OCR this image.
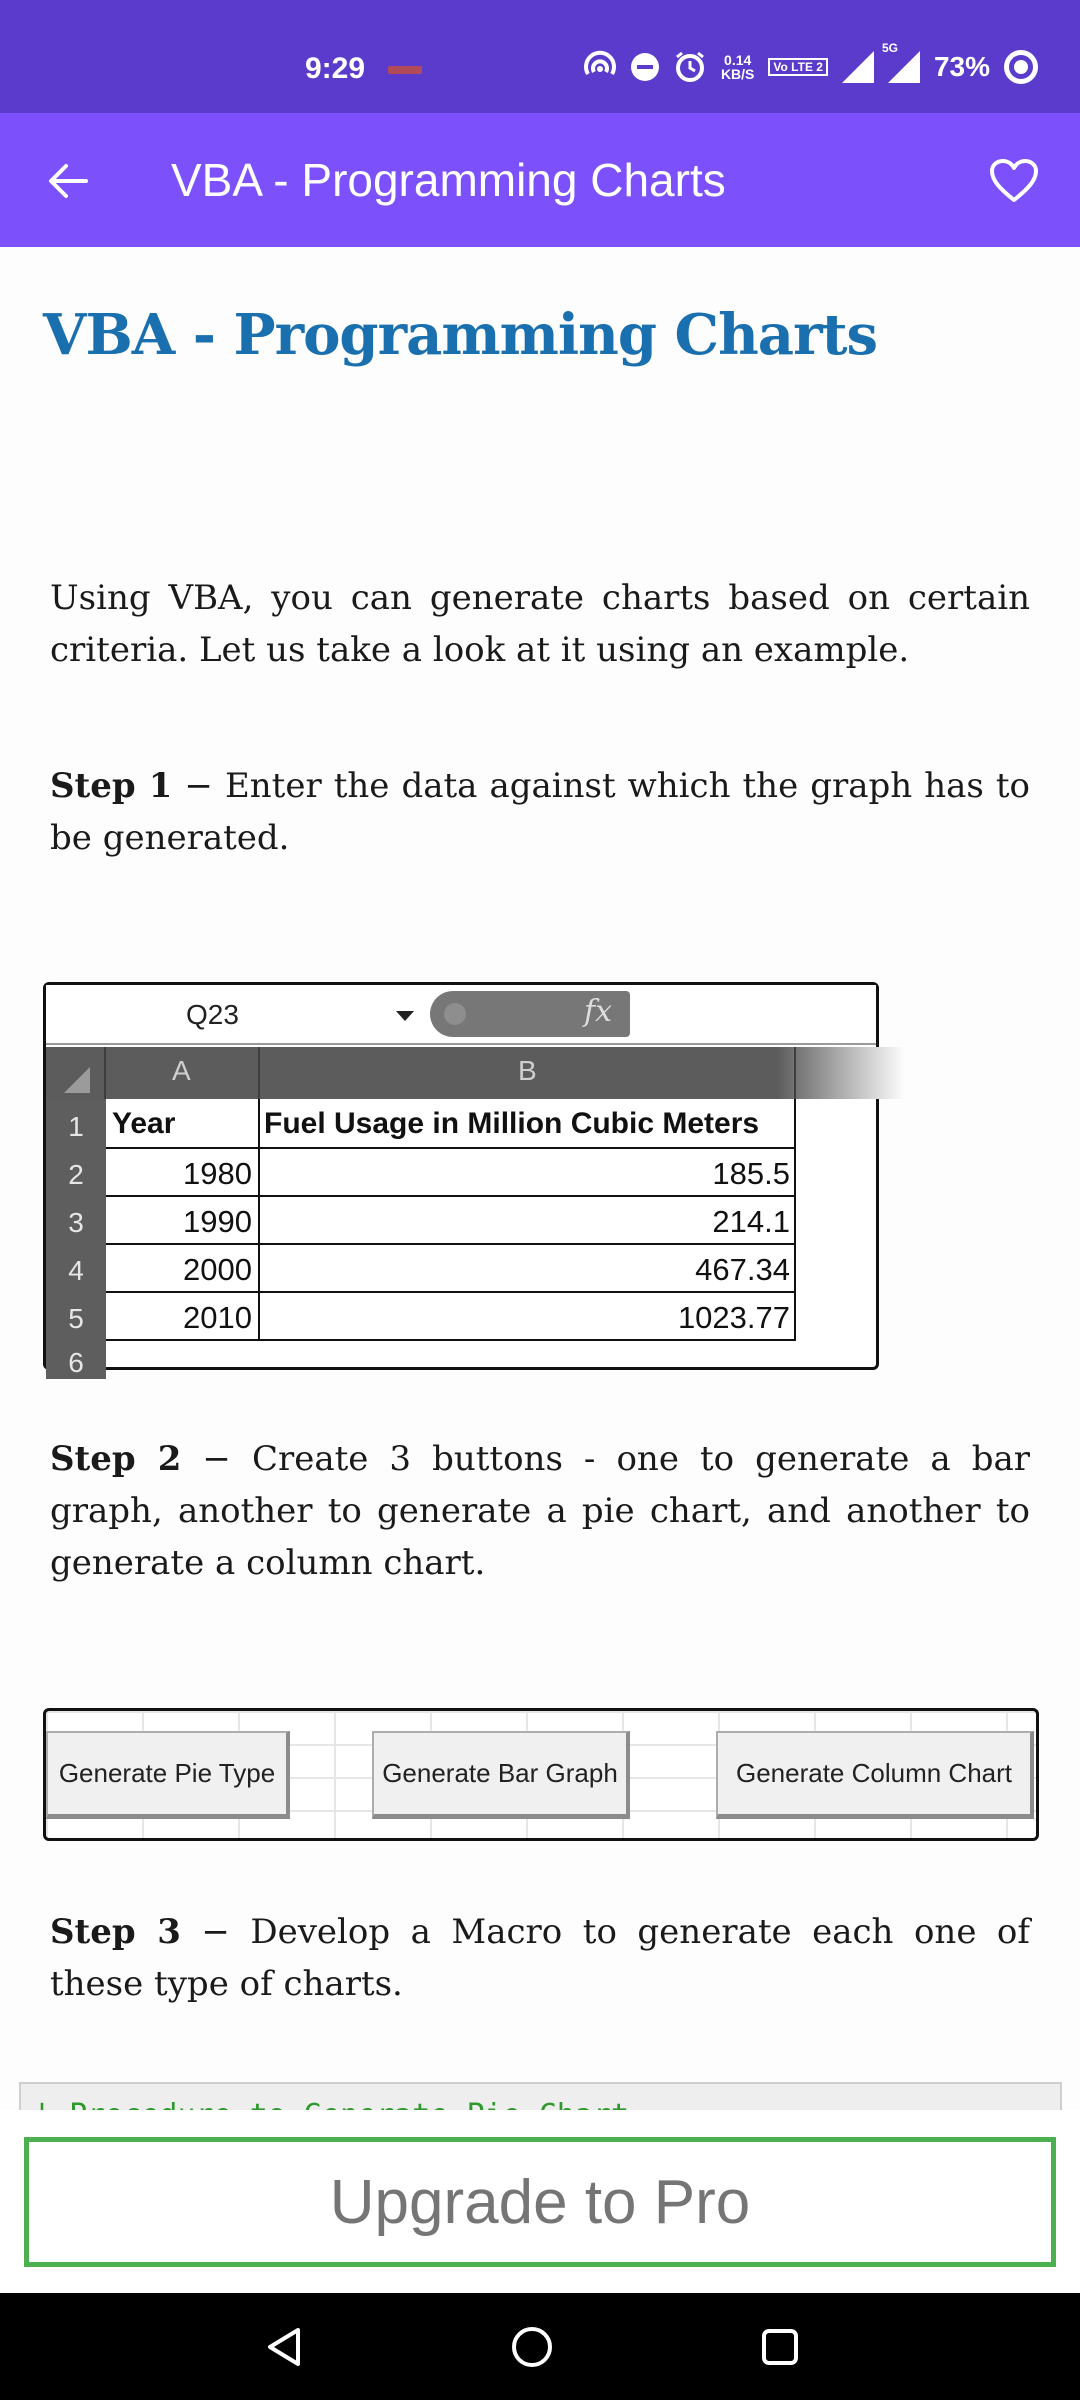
9:29	0.14
KB/S	Vo LTE 2
5G
73%
VBA - Programming Charts
VBA - Programming Charts

Using VBA, you can generate charts based on certain criteria. Let us take a look at it using an example.

Step 1 − Enter the data against which the graph has to be generated.

Q23	fx
A	B
1
2
3
4
5
6
Year	Fuel Usage in Million Cubic Meters
1980	185.5
1990	214.1
2000	467.34
2010	1023.77

Step 2 − Create 3 buttons - one to generate a bar graph, another to generate a pie chart, and another to generate a column chart.

Generate Pie Type	Generate Bar Graph	Generate Column Chart

Step 3 − Develop a Macro to generate each one of these type of charts.

Upgrade to Pro
